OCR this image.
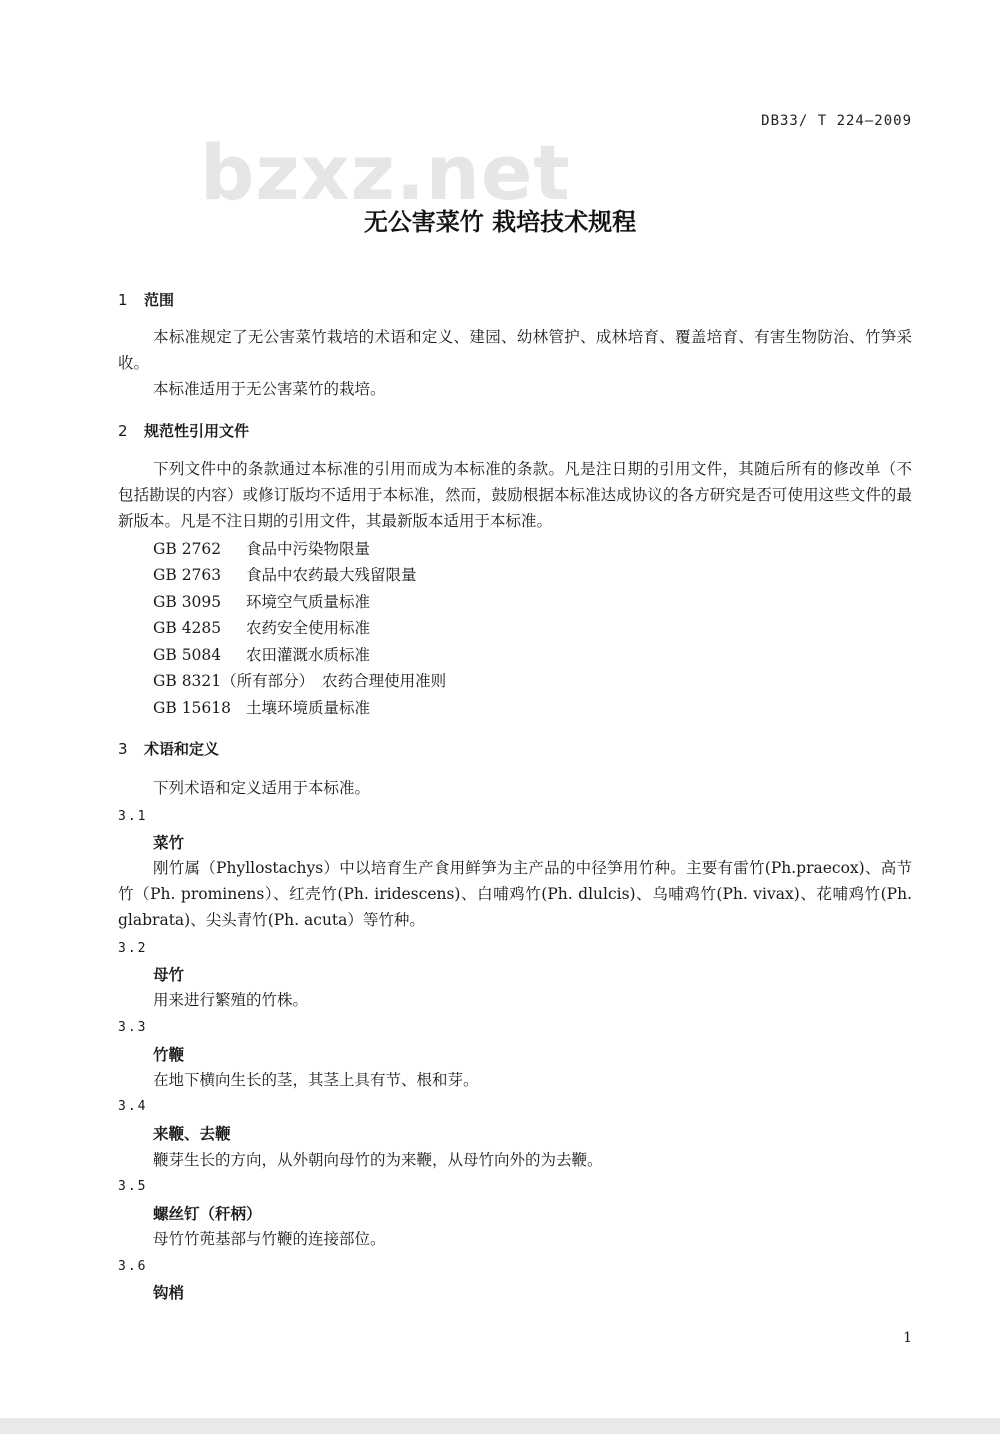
DB33/ T 224—2009
bzxz.net
无公害菜竹 栽培技术规程
1 范围
本标准规定了无公害菜竹栽培的术语和定义、建园、幼林管护、成林培育、覆盖培育、有害生物防治、竹笋采收。
本标准适用于无公害菜竹的栽培。
2 规范性引用文件
下列文件中的条款通过本标准的引用而成为本标准的条款。凡是注日期的引用文件，其随后所有的修改单（不包括勘误的内容）或修订版均不适用于本标准，然而，鼓励根据本标准达成协议的各方研究是否可使用这些文件的最新版本。凡是不注日期的引用文件，其最新版本适用于本标准。
GB 2762 食品中污染物限量
GB 2763 食品中农药最大残留限量
GB 3095 环境空气质量标准
GB 4285 农药安全使用标准
GB 5084 农田灌溉水质标准
GB 8321（所有部分） 农药合理使用准则
GB 15618 土壤环境质量标准
3 术语和定义
下列术语和定义适用于本标准。
3.1
菜竹
刚竹属（Phyllostachys）中以培育生产食用鲜笋为主产品的中径笋用竹种。主要有雷竹(Ph.praecox)、高节竹（Ph. prominens）、红壳竹(Ph. iridescens)、白哺鸡竹(Ph. dlulcis)、乌哺鸡竹(Ph. vivax)、花哺鸡竹(Ph. glabrata)、尖头青竹(Ph. acuta）等竹种。
3.2
母竹
用来进行繁殖的竹株。
3.3
竹鞭
在地下横向生长的茎，其茎上具有节、根和芽。
3.4
来鞭、去鞭
鞭芽生长的方向，从外朝向母竹的为来鞭，从母竹向外的为去鞭。
3.5
螺丝钉（秆柄）
母竹竹蔸基部与竹鞭的连接部位。
3.6
钩梢
1
